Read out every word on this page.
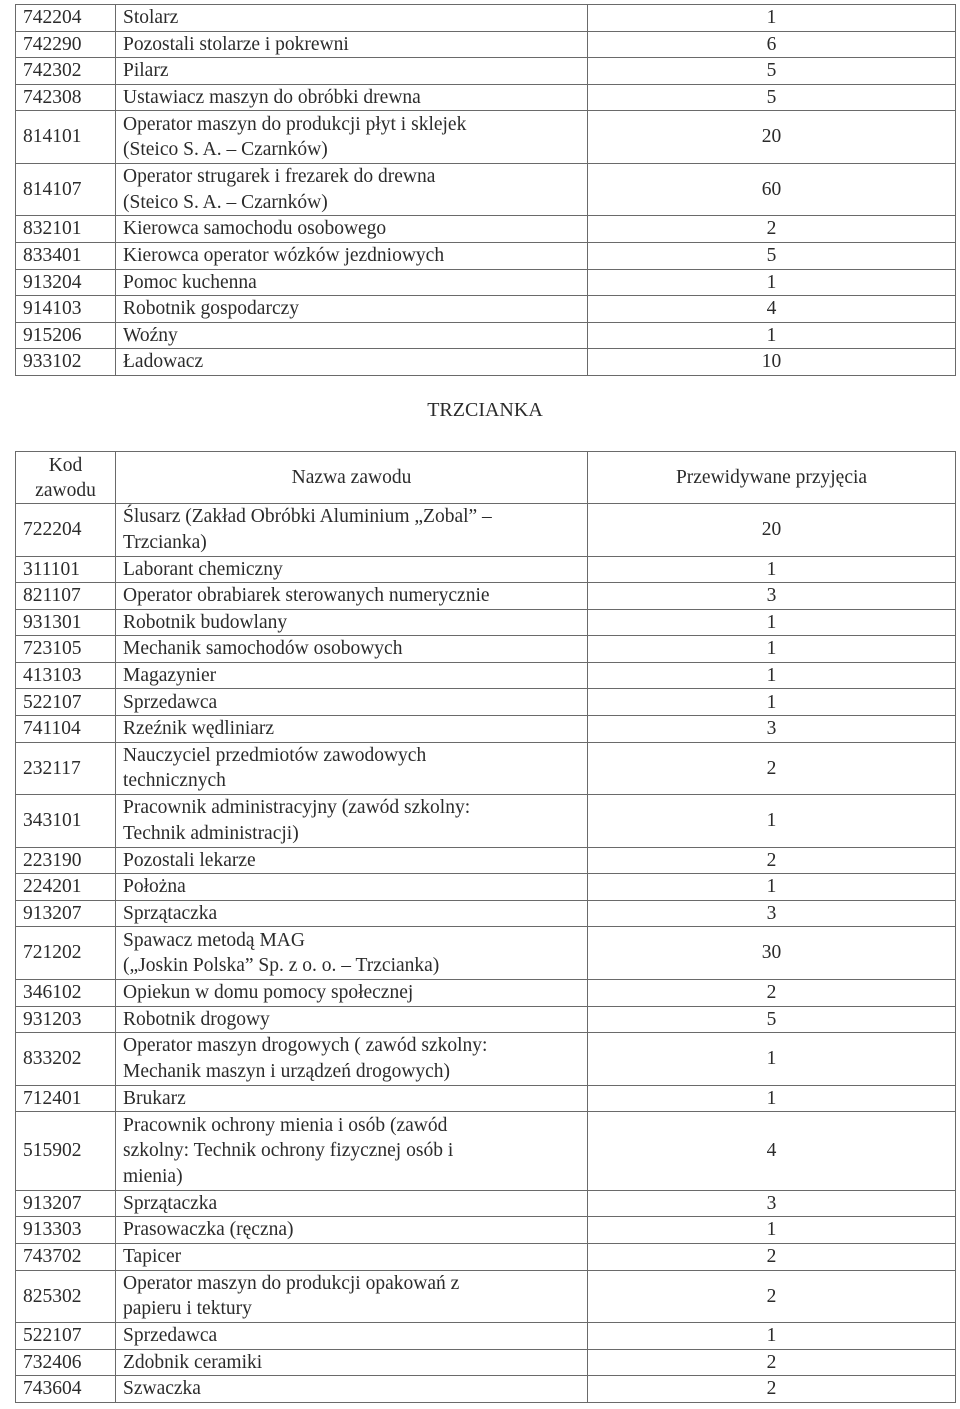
742204	Stolarz	1
742290	Pozostali stolarze i pokrewni	6
742302	Pilarz	5
742308	Ustawiacz maszyn do obróbki drewna	5
814101	Operator maszyn do produkcji płyt i sklejek
(Steico S. A. – Czarnków)	20
814107	Operator strugarek i frezarek do drewna
(Steico S. A. – Czarnków)	60
832101	Kierowca samochodu osobowego	2
833401	Kierowca operator wózków jezdniowych	5
913204	Pomoc kuchenna	1
914103	Robotnik gospodarczy	4
915206	Woźny	1
933102	Ładowacz	10
TRZCIANKA
Kod
zawodu	Nazwa zawodu	Przewidywane przyjęcia
722204	Ślusarz (Zakład Obróbki Aluminium „Zobal” –
Trzcianka)	20
311101	Laborant chemiczny	1
821107	Operator obrabiarek sterowanych numerycznie	3
931301	Robotnik budowlany	1
723105	Mechanik samochodów osobowych	1
413103	Magazynier	1
522107	Sprzedawca	1
741104	Rzeźnik wędliniarz	3
232117	Nauczyciel przedmiotów zawodowych
technicznych	2
343101	Pracownik administracyjny (zawód szkolny:
Technik administracji)	1
223190	Pozostali lekarze	2
224201	Położna	1
913207	Sprzątaczka	3
721202	Spawacz metodą MAG
(„Joskin Polska” Sp. z o. o. – Trzcianka)	30
346102	Opiekun w domu pomocy społecznej	2
931203	Robotnik drogowy	5
833202	Operator maszyn drogowych ( zawód szkolny:
Mechanik maszyn i urządzeń drogowych)	1
712401	Brukarz	1
515902	Pracownik ochrony mienia i osób (zawód
szkolny: Technik ochrony fizycznej osób i
mienia)	4
913207	Sprzątaczka	3
913303	Prasowaczka (ręczna)	1
743702	Tapicer	2
825302	Operator maszyn do produkcji opakowań z
papieru i tektury	2
522107	Sprzedawca	1
732406	Zdobnik ceramiki	2
743604	Szwaczka	2
